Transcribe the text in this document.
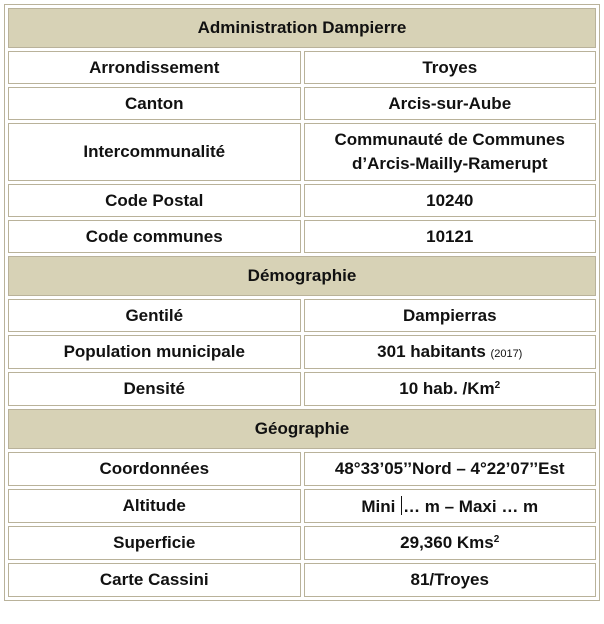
Administration Dampierre	
Arrondissement	Troyes
Canton	Arcis-sur-Aube
Intercommunalité	Communauté de Communes
d’Arcis-Mailly-Ramerupt
Code Postal	10240
Code communes	10121
Démographie	
Gentilé	Dampierras
Population municipale	301 habitants (2017)
Densité	10 hab. /Km$^2$
Géographie	
Coordonnées	48°33’05’’Nord – 4°22’07’’Est
Altitude	Mini … m – Maxi … m
Superficie	29,360 Kms$^2$
Carte Cassini	81/Troyes
